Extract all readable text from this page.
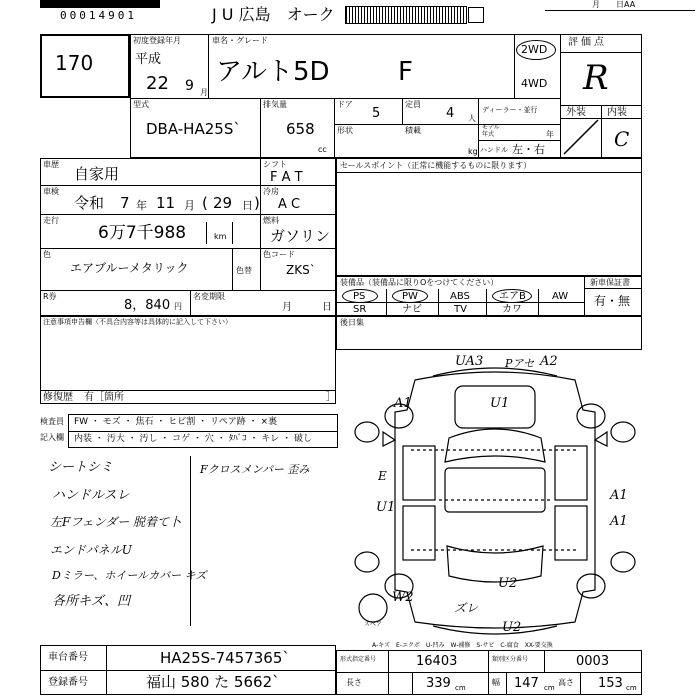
00014901	J U 広島　オーク
月　　日AA
170
初度登録年月
平成
22 9 月
車名・グレード
アルト5D	F
2WD
4WD
評価点
R
外装 内装
C
型式
DBA-HA25S`
排気量
658
cc
ドア
5
定員
4 人
ディーラー・並行
モデル年式	年
形状	積載
kg ハンドル 左・右
車歴
自家用
シフト
F A T
車検
令和 7 年 11 月 29 日
(	)
冷房
A C
走行
6万7千988	km
燃料
ガソリン
色
エアブルーメタリック	色替
色コード
ZKS`
R券
8，840 円
名変期限
月	日
セールスポイント（正常に機能するものに限ります）
装備品（装備品に限りOをつけてください）	新車保証書
有・無
PS	PW	ABS	エアB	AW
SR	ナビ	TV	カワ
後日集
注意事項申告欄（不具合内容等は具体的に記入して下さい）
修復歴 有［箇所	］
検査員
記入欄
FW ・ モズ ・ 焦石 ・ ヒビ割 ・ リペア跡 ・ ×裏
内装 ・ 汚大 ・ 汚し ・ コゲ ・ 穴 ・ ﾀﾊﾞｺ ・ キレ ・ 破し
シートシミ
ハンドルスレ
左Fフェンダー 脱着て卜
エンドパネルU
Dミラー、ホイールカバー キズ
各所キズ、凹
Fクロスメンバー 歪み
UA3 Pアセ A2
A1	U1
E
U1
A1
A1
U2
W2
ズレ
U2
スペア
A-キズ　E-エクボ　U-凹み　W-補修　S-サビ　C-腐食　XX-要交換
車台番号	HA25S-7457365`
登録番号	福山 580 た 5662`
形式指定番号	16403	類別区分番号	0003
長さ	339 cm
幅 147 cm
高さ 153 cm
